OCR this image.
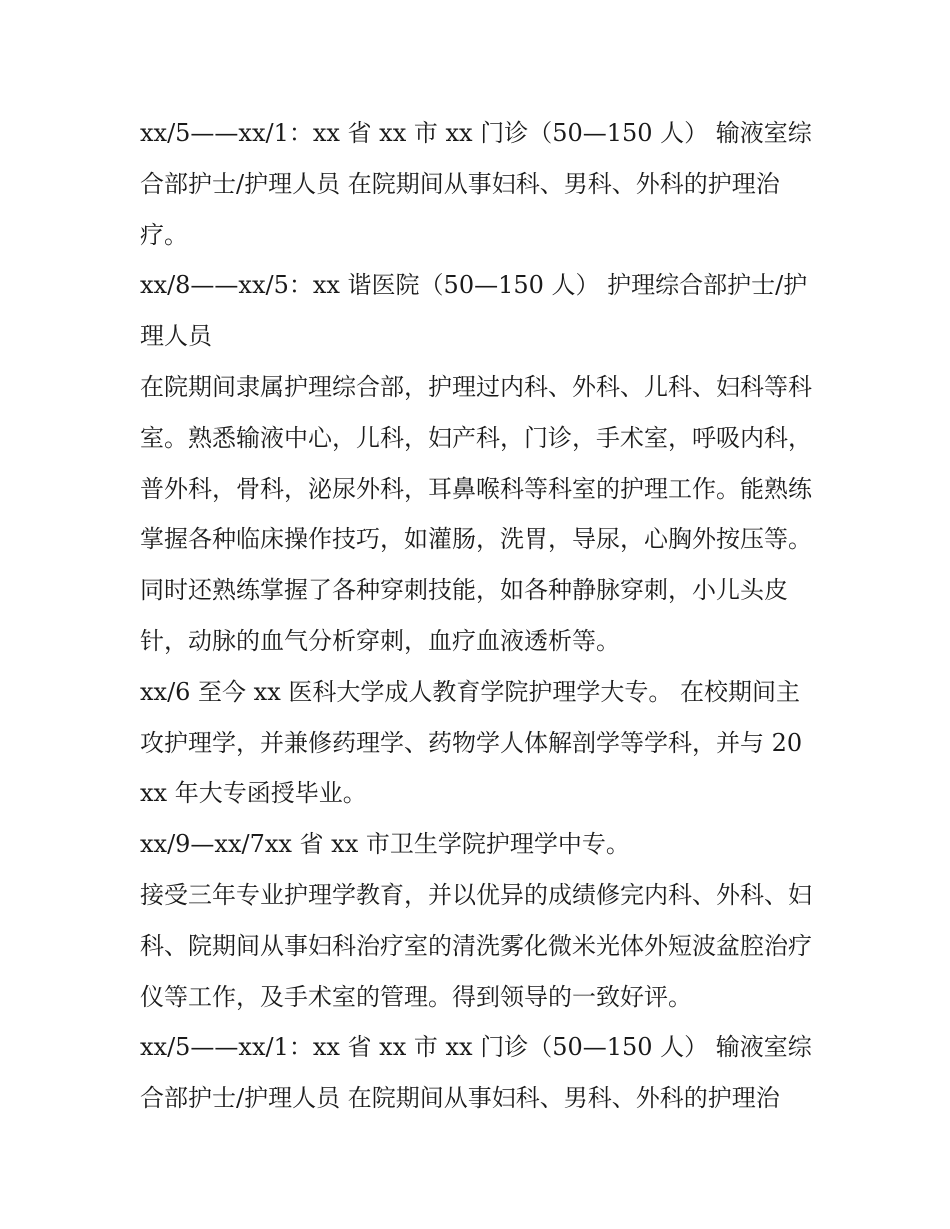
xx/5——xx/1：xx 省 xx 市 xx 门诊（50—150 人） 输液室综合部护士/护理人员 在院期间从事妇科、男科、外科的护理治疗。

xx/8——xx/5：xx 谐医院（50—150 人） 护理综合部护士/护理人员

在院期间隶属护理综合部，护理过内科、外科、儿科、妇科等科室。熟悉输液中心，儿科，妇产科，门诊，手术室，呼吸内科，普外科，骨科，泌尿外科，耳鼻喉科等科室的护理工作。能熟练掌握各种临床操作技巧，如灌肠，洗胃，导尿，心胸外按压等。同时还熟练掌握了各种穿刺技能，如各种静脉穿刺，小儿头皮针，动脉的血气分析穿刺，血疗血液透析等。

xx/6 至今 xx 医科大学成人教育学院护理学大专。 在校期间主攻护理学，并兼修药理学、药物学人体解剖学等学科，并与 20xx 年大专函授毕业。

xx/9—xx/7xx 省 xx 市卫生学院护理学中专。

接受三年专业护理学教育，并以优异的成绩修完内科、外科、妇科、院期间从事妇科治疗室的清洗雾化微米光体外短波盆腔治疗仪等工作，及手术室的管理。得到领导的一致好评。

xx/5——xx/1：xx 省 xx 市 xx 门诊（50—150 人） 输液室综合部护士/护理人员 在院期间从事妇科、男科、外科的护理治
